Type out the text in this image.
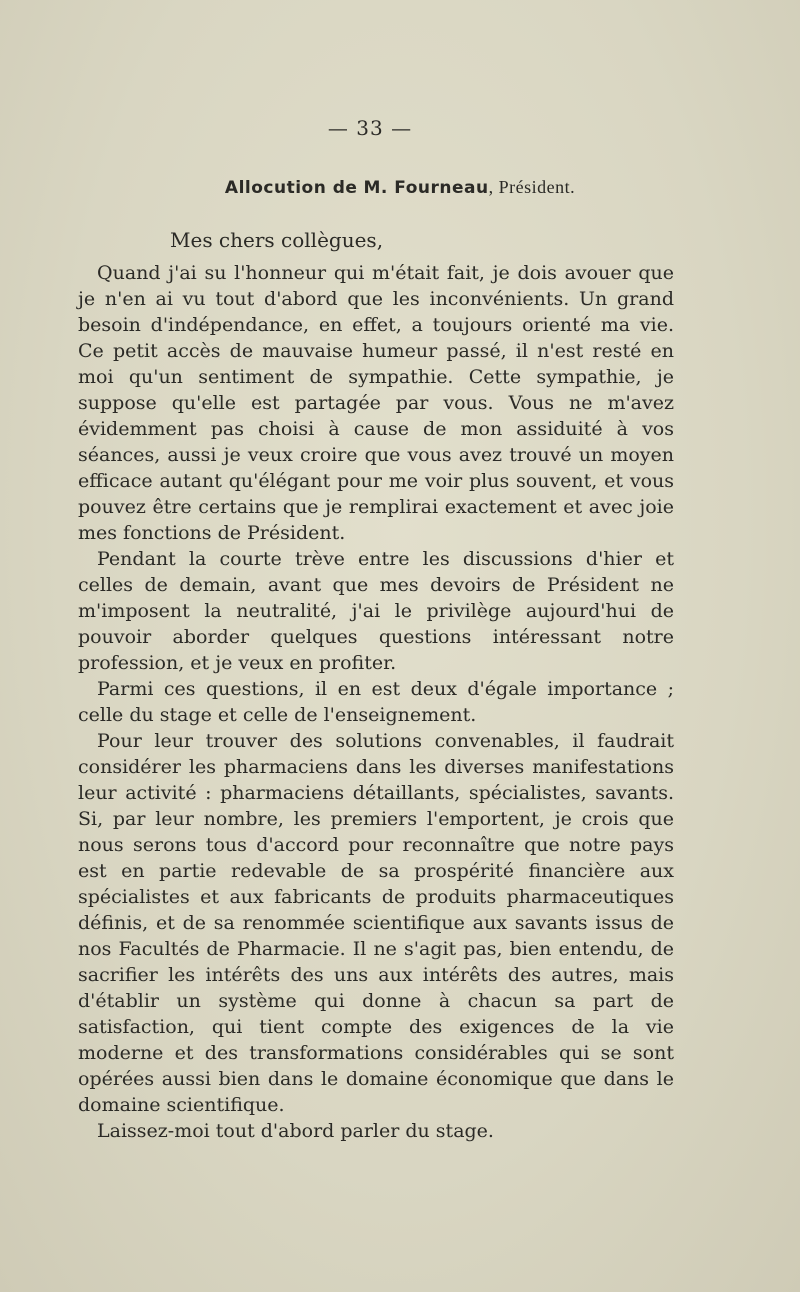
— 33 —
Allocution de M. Fourneau, Président.
Mes chers collègues,

Quand j'ai su l'honneur qui m'était fait, je dois avouer que je n'en ai vu tout d'abord que les inconvénients. Un grand besoin d'indépendance, en effet, a toujours orienté ma vie. Ce petit accès de mauvaise humeur passé, il n'est resté en moi qu'un sentiment de sympathie. Cette sympathie, je suppose qu'elle est partagée par vous. Vous ne m'avez évidemment pas choisi à cause de mon assiduité à vos séances, aussi je veux croire que vous avez trouvé un moyen efficace autant qu'élégant pour me voir plus souvent, et vous pouvez être certains que je remplirai exactement et avec joie mes fonctions de Président.

Pendant la courte trève entre les discussions d'hier et celles de demain, avant que mes devoirs de Président ne m'imposent la neutralité, j'ai le privilège aujourd'hui de pouvoir aborder quelques questions intéressant notre profession, et je veux en profiter.

Parmi ces questions, il en est deux d'égale importance ; celle du stage et celle de l'enseignement.

Pour leur trouver des solutions convenables, il faudrait considérer les pharmaciens dans les diverses manifestations leur activité : pharmaciens détaillants, spécialistes, savants. Si, par leur nombre, les premiers l'emportent, je crois que nous serons tous d'accord pour reconnaître que notre pays est en partie redevable de sa prospérité financière aux spécialistes et aux fabricants de produits pharmaceutiques définis, et de sa renommée scientifique aux savants issus de nos Facultés de Pharmacie. Il ne s'agit pas, bien entendu, de sacrifier les intérêts des uns aux intérêts des autres, mais d'établir un système qui donne à chacun sa part de satisfaction, qui tient compte des exigences de la vie moderne et des transformations considérables qui se sont opérées aussi bien dans le domaine économique que dans le domaine scientifique.

Laissez-moi tout d'abord parler du stage.
